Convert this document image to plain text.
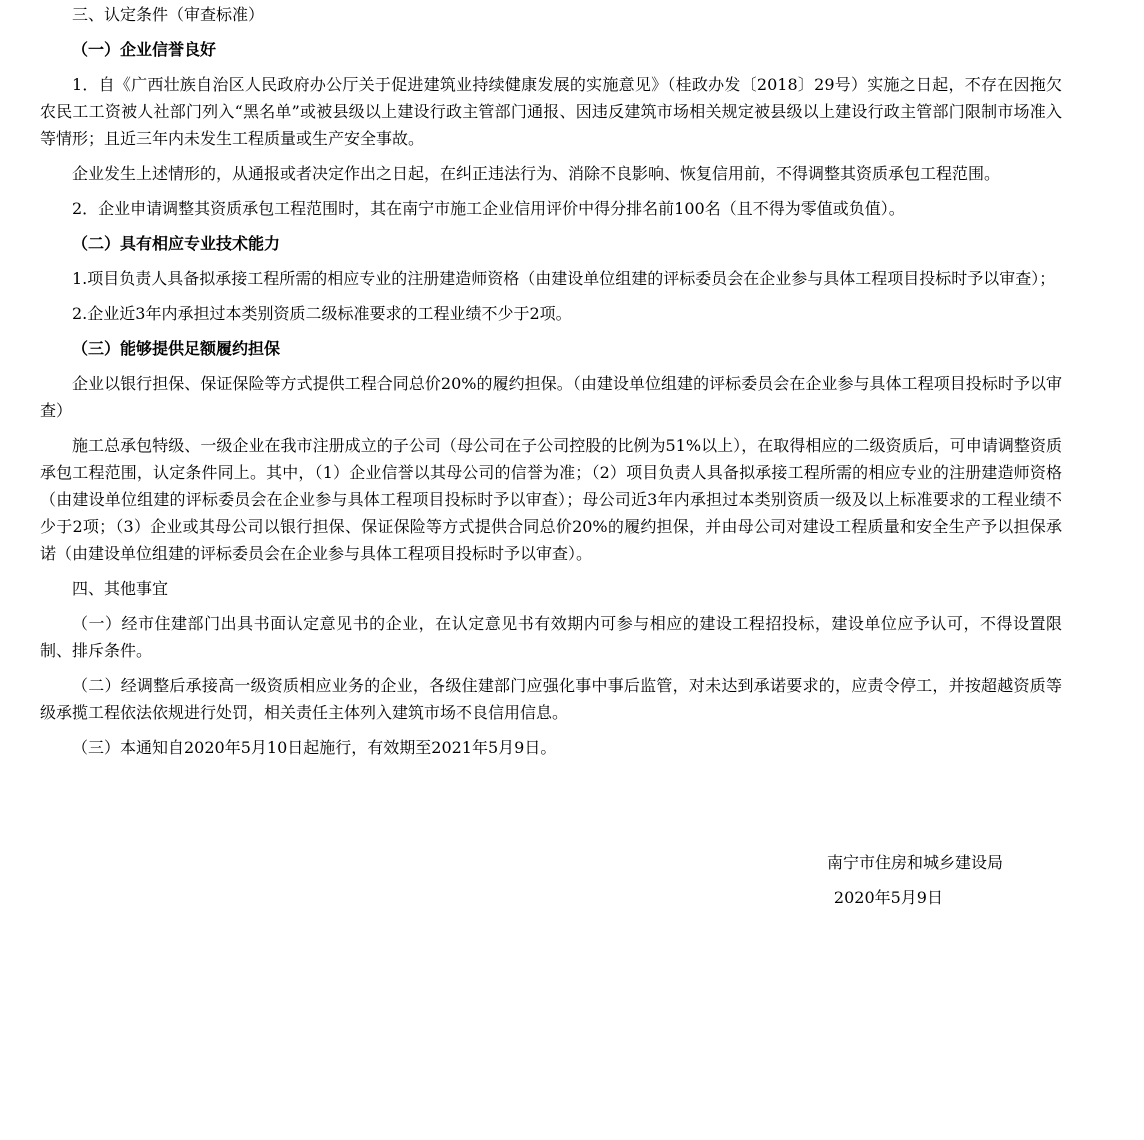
三、认定条件（审查标准）

（一）企业信誉良好

1．自《广西壮族自治区人民政府办公厅关于促进建筑业持续健康发展的实施意见》（桂政办发〔2018〕29号）实施之日起，不存在因拖欠农民工工资被人社部门列入“黑名单”或被县级以上建设行政主管部门通报、因违反建筑市场相关规定被县级以上建设行政主管部门限制市场准入等情形；且近三年内未发生工程质量或生产安全事故。

企业发生上述情形的，从通报或者决定作出之日起，在纠正违法行为、消除不良影响、恢复信用前，不得调整其资质承包工程范围。

2．企业申请调整其资质承包工程范围时，其在南宁市施工企业信用评价中得分排名前100名（且不得为零值或负值）。

（二）具有相应专业技术能力

1.项目负责人具备拟承接工程所需的相应专业的注册建造师资格（由建设单位组建的评标委员会在企业参与具体工程项目投标时予以审查）；

2.企业近3年内承担过本类别资质二级标准要求的工程业绩不少于2项。

（三）能够提供足额履约担保

企业以银行担保、保证保险等方式提供工程合同总价20%的履约担保。（由建设单位组建的评标委员会在企业参与具体工程项目投标时予以审查）

施工总承包特级、一级企业在我市注册成立的子公司（母公司在子公司控股的比例为51%以上），在取得相应的二级资质后，可申请调整资质承包工程范围，认定条件同上。其中，（1）企业信誉以其母公司的信誉为准；（2）项目负责人具备拟承接工程所需的相应专业的注册建造师资格（由建设单位组建的评标委员会在企业参与具体工程项目投标时予以审查）；母公司近3年内承担过本类别资质一级及以上标准要求的工程业绩不少于2项；（3）企业或其母公司以银行担保、保证保险等方式提供合同总价20%的履约担保，并由母公司对建设工程质量和安全生产予以担保承诺（由建设单位组建的评标委员会在企业参与具体工程项目投标时予以审查）。

四、其他事宜

（一）经市住建部门出具书面认定意见书的企业，在认定意见书有效期内可参与相应的建设工程招投标，建设单位应予认可，不得设置限制、排斥条件。

（二）经调整后承接高一级资质相应业务的企业，各级住建部门应强化事中事后监管，对未达到承诺要求的，应责令停工，并按超越资质等级承揽工程依法依规进行处罚，相关责任主体列入建筑市场不良信用信息。

（三）本通知自2020年5月10日起施行，有效期至2021年5月9日。

南宁市住房和城乡建设局

2020年5月9日
